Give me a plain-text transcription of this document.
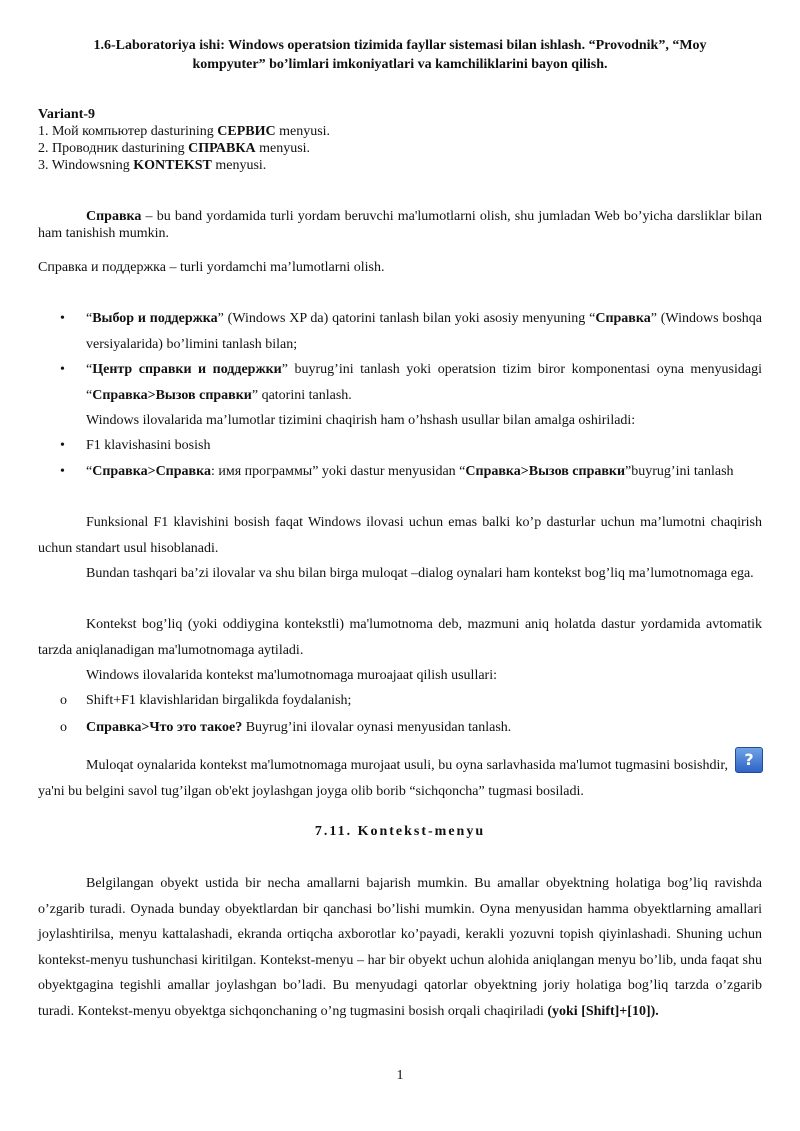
1.6-Laboratoriya ishi: Windows operatsion tizimida fayllar sistemasi bilan ishlash. “Provodnik”, “Moy
kompyuter” bo’limlari imkoniyatlari va kamchiliklarini bayon qilish.
Variant-9
1. Мой компьютер dasturining СЕРВИС menyusi.
2. Проводник dasturining СПРАВКА menyusi.
3. Windowsning KONTEKST menyusi.
Справка – bu band yordamida turli yordam beruvchi ma'lumotlarni olish, shu jumladan Web bo’yicha darsliklar bilan ham tanishish mumkin.
Справка и поддержка – turli yordamchi ma’lumotlarni olish.
• “Выбор и поддержка” (Windows XP da) qatorini tanlash bilan yoki asosiy menyuning “Справка” (Windows boshqa versiyalarida) bo’limini tanlash bilan;
• “Центр справки и поддержки” buyrug’ini tanlash yoki operatsion tizim biror komponentasi oyna menyusidagi “Справка>Вызов справки” qatorini tanlash.
Windows ilovalarida ma’lumotlar tizimini chaqirish ham o’hshash usullar bilan amalga oshiriladi:
• F1 klavishasini bosish
• “Справка>Справка: имя программы” yoki dastur menyusidan “Справка>Вызов справки”buyrug’ini tanlash
Funksional F1 klavishini bosish faqat Windows ilovasi uchun emas balki ko’p dasturlar uchun ma’lumotni chaqirish uchun standart usul hisoblanadi.
Bundan tashqari ba’zi ilovalar va shu bilan birga muloqat –dialog oynalari ham kontekst bog’liq ma’lumotnomaga ega.
Kontekst bog’liq (yoki oddiygina kontekstli) ma'lumotnoma deb, mazmuni aniq holatda dastur yordamida avtomatik tarzda aniqlanadigan ma'lumotnomaga aytiladi.
Windows ilovalarida kontekst ma'lumotnomaga muroajaat qilish usullari:
o Shift+F1 klavishlaridan birgalikda foydalanish;
o Справка>Что это такое? Buyrug’ini ilovalar oynasi menyusidan tanlash.
Muloqat oynalarida kontekst ma'lumotnomaga murojaat usuli, bu oyna sarlavhasida ma'lumot tugmasini bosishdir, ya'ni bu belgini savol tug’ilgan ob'ekt joylashgan joyga olib borib “sichqoncha” tugmasi bosiladi.
?
7.11. Kontekst-menyu
Belgilangan obyekt ustida bir necha amallarni bajarish mumkin. Bu amallar obyektning holatiga bog’liq ravishda o’zgarib turadi. Oynada bunday obyektlardan bir qanchasi bo’lishi mumkin. Oyna menyusidan hamma obyektlarning amallari joylashtirilsa, menyu kattalashadi, ekranda ortiqcha axborotlar ko’payadi, kerakli yozuvni topish qiyinlashadi. Shuning uchun kontekst-menyu tushunchasi kiritilgan. Kontekst-menyu – har bir obyekt uchun alohida aniqlangan menyu bo’lib, unda faqat shu obyektgagina tegishli amallar joylashgan bo’ladi. Bu menyudagi qatorlar obyektning joriy holatiga bog’liq tarzda o’zgarib turadi. Kontekst-menyu obyektga sichqonchaning o’ng tugmasini bosish orqali chaqiriladi (yoki [Shift]+[10]).
1
